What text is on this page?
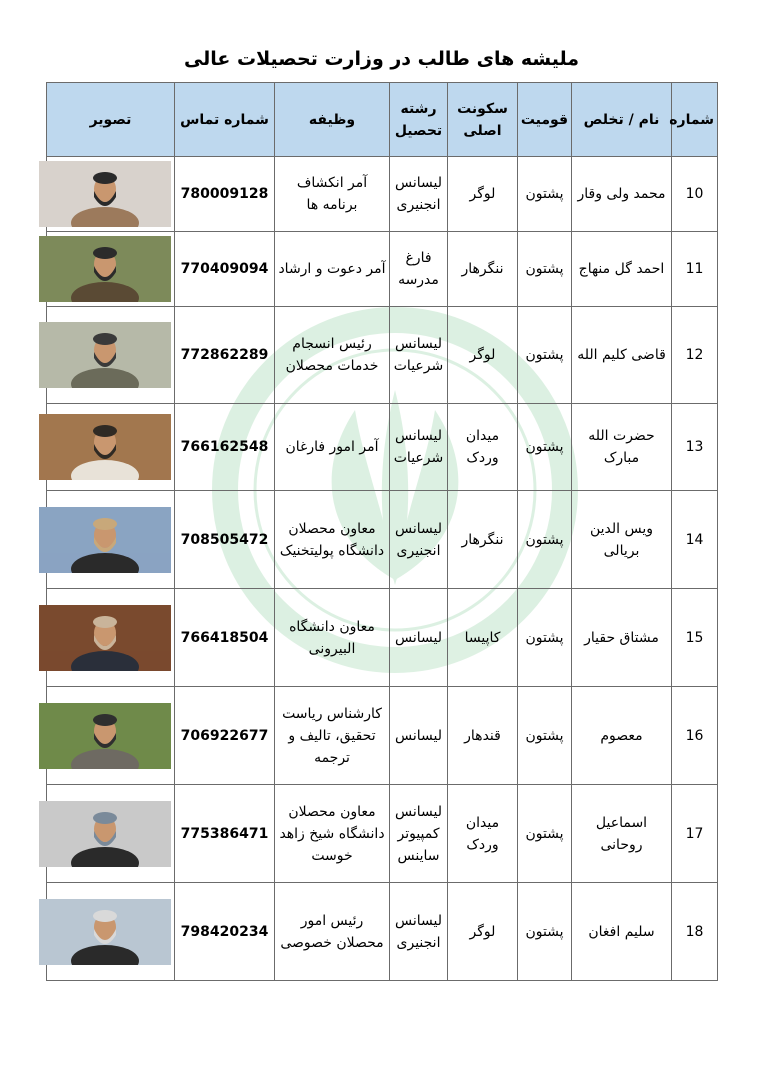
ملیشه های طالب در وزارت تحصیلات عالی
شماره	نام / تخلص	قومیت	سکونت اصلی	رشته تحصیل	وظیفه	شماره تماس	تصویر
10	محمد ولی وقار	پشتون	لوگر	لیسانس انجنیری	آمر انکشاف برنامه ها	780009128	

11	احمد گل منهاج	پشتون	ننگرهار	فارغ مدرسه	آمر دعوت و ارشاد	770409094	

12	قاضی کلیم الله	پشتون	لوگر	لیسانس شرعیات	رئیس انسجام خدمات محصلان	772862289	

13	حضرت الله مبارک	پشتون	میدان وردک	لیسانس شرعیات	آمر امور فارغان	766162548	

14	ویس الدین بریالی	پشتون	ننگرهار	لیسانس انجنیری	معاون محصلان دانشگاه پولیتخنیک	708505472	

15	مشتاق حقیار	پشتون	کاپیسا	لیسانس	معاون دانشگاه البیرونی	766418504	

16	معصوم	پشتون	قندهار	لیسانس	کارشناس ریاست تحقیق، تالیف و ترجمه	706922677	

17	اسماعیل روحانی	پشتون	میدان وردک	لیسانس کمپیوتر ساینس	معاون محصلان دانشگاه شیخ زاهد خوست	775386471	

18	سلیم افغان	پشتون	لوگر	لیسانس انجنیری	رئیس امور محصلان خصوصی	798420234	
